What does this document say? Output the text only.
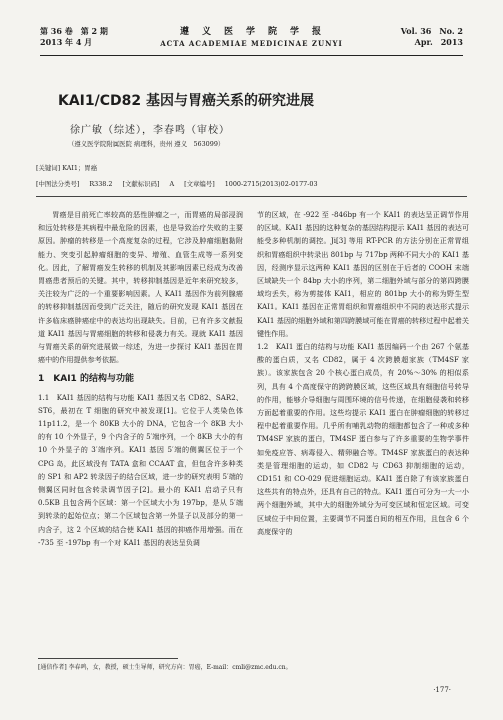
第 36 卷　第 2 期
2013 年 4 月
遵　义　医　学　院　学　报
ACTA ACADEMIAE MEDICINAE ZUNYI
Vol. 36　No. 2
Apr.　2013
KAI1/CD82 基因与胃癌关系的研究进展
徐广敏（综述），李春鸣（审校）
（遵义医学院附属医院 病理科，贵州 遵义　563099）
[关键词] KAI1；胃癌
[中图法分类号] R338.2 [文献标识码] A [文章编号] 1000-2715(2013)02-0177-03

胃癌是目前死亡率较高的恶性肿瘤之一，而胃癌的局部浸润和远处转移是其病程中最危险的因素，也是导致治疗失败的主要原因。肿瘤的转移是一个高度复杂的过程，它涉及肿瘤细胞黏附能力、突变引起肿瘤细胞的变异、增殖、血管生成等一系列变化。因此，了解胃癌发生转移的机制及其影响因素已经成为改善胃癌患者预后的关键。其中，转移抑制基因是近年来研究较多，关注较为广泛的一个重要影响因素。人 KAI1 基因作为前列腺癌的转移抑制基因而受到广泛关注，随后的研究发现 KAI1 基因在许多临床癌肿癌症中的表达均出现缺失。目前，已有许多文献报道 KAI1 基因与胃癌细胞的转移和侵袭力有关。现就 KAI1 基因与胃癌关系的研究进展做一综述，为进一步探讨 KAI1 基因在胃癌中的作用提供参考依据。

1　KAI1 的结构与功能

1.1　KAI1 基因的结构与功能 KAI1 基因又名 CD82、SAR2、ST6，最初在 T 细胞的研究中被发现[1]。它位于人类染色体 11p11.2，是一个 80KB 大小的 DNA，它包含一个 8KB 大小的有 10 个外显子，9 个内含子的 5′端序列，一个 8KB 大小的有 10 个外显子的 3′端序列。KAI1 基因 5′端的侧翼区位于一个 CPG 岛，此区域没有 TATA 盒和 CCAAT 盒，但包含许多种类的 SP1 和 AP2 转录因子的结合区域，进一步的研究表明 5′端的侧翼区同时包含转录调节因子[2]。最小的 KAI1 启动子只有 0.5KB 且包含两个区域：第一个区域大小为 197bp，是从 5′端到转录的起始位点；第二个区域包含第一外显子以及部分的第一内含子，这 2 个区域的结合使 KAI1 基因的抑癌作用增强。而在 -735 至 -197bp 有一个对 KAI1 基因的表达呈负调

节的区域，在 -922 至 -846bp 有一个 KAI1 的表达呈正调节作用的区域。KAI1 基因的这种复杂的基因结构提示 KAI1 基因的表达可能受多种机制的调控。Ji[3] 等用 RT-PCR 的方法分别在正常胃组织和胃癌组织中转录出 801bp 与 717bp 两种不同大小的 KAI1 基因，经测序显示这两种 KAI1 基因的区别在于后者的 COOH 末端区域缺失一个 84bp 大小的序列，第二细胞外域与部分的第四跨膜域均丢失，称为剪接体 KAI1，相应的 801bp 大小的称为野生型 KAI1。KAI1 基因在正常胃组织和胃癌组织中不同的表达形式提示 KAI1 基因的细胞外域和第四跨膜域可能在胃癌的转移过程中起着关键性作用。

1.2　KAI1 蛋白的结构与功能 KAI1 基因编码一个由 267 个氨基酸的蛋白质，又名 CD82，属于 4 次跨膜超家族（TM4SF 家族）。该家族包含 20 个核心蛋白成员，有 20%～30% 的相似系列，具有 4 个高度保守的跨跨膜区域，这些区域具有细胞信号转导的作用，能够介导细胞与周围环境的信号传递，在细胞侵袭和转移方面起着重要的作用。这些均提示 KAI1 蛋白在肿瘤细胞的转移过程中起着重要作用。几乎所有哺乳动物的细胞都包含了一种或多种 TM4SF 家族的蛋白，TM4SF 蛋白参与了许多重要的生物学事件如免疫应答、病毒侵入、精卵融合等。TM4SF 家族蛋白的表达种类是管理细胞的运动，如 CD82 与 CD63 抑制细胞的运动，CD151 和 CO-029 促进细胞运动。KAI1 蛋白除了有该家族蛋白这些共有的特点外，还具有自己的特点。KAI1 蛋白可分为一大一小两个细胞外域，其中大的细胞外域分为可变区域和恒定区域。可变区域位于中间位置，主要调节不同蛋白间的相互作用，且包含 6 个高度保守的

[通信作者] 李春鸣，女，教授，硕士生导师，研究方向：胃癌，E-mail：cmli@zmc.edu.cn。
·177·
